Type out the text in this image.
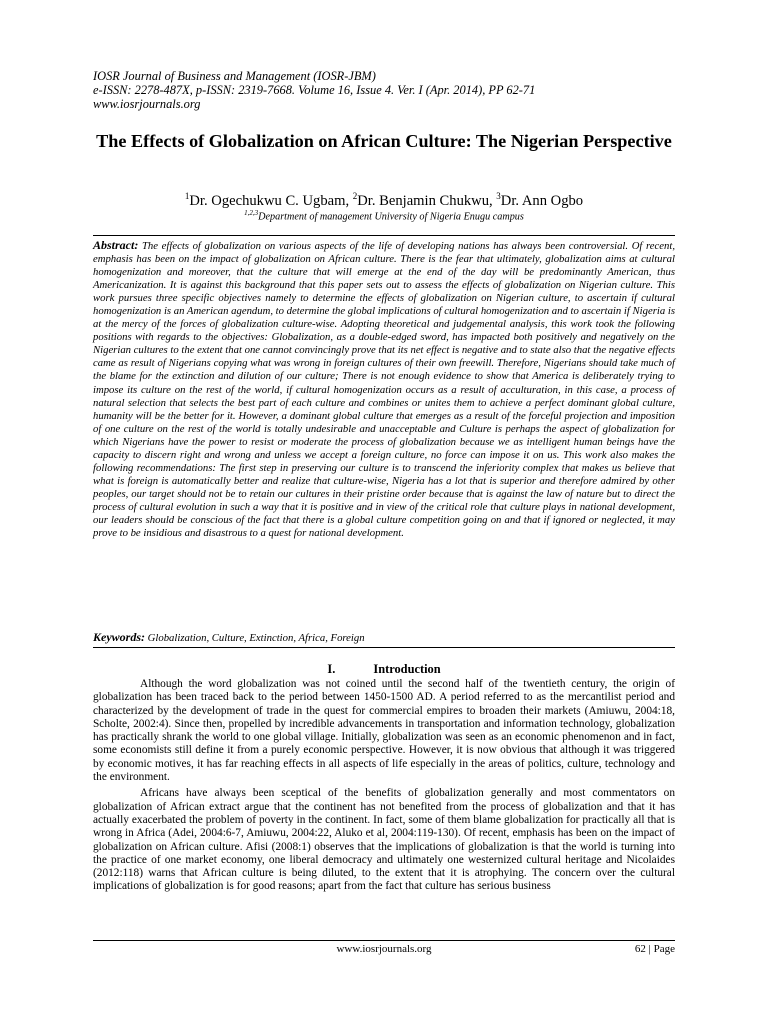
IOSR Journal of Business and Management (IOSR-JBM)
e-ISSN: 2278-487X, p-ISSN: 2319-7668. Volume 16, Issue 4. Ver. I (Apr. 2014), PP 62-71
www.iosrjournals.org
The Effects of Globalization on African Culture: The Nigerian Perspective
$^1$Dr. Ogechukwu C. Ugbam, $^2$Dr. Benjamin Chukwu, $^3$Dr. Ann Ogbo
$^{1,2,3}$Department of management University of Nigeria Enugu campus
Abstract: The effects of globalization on various aspects of the life of developing nations has always been controversial. Of recent, emphasis has been on the impact of globalization on African culture. There is the fear that ultimately, globalization aims at cultural homogenization and moreover, that the culture that will emerge at the end of the day will be predominantly American, thus Americanization. It is against this background that this paper sets out to assess the effects of globalization on Nigerian culture. This work pursues three specific objectives namely to determine the effects of globalization on Nigerian culture, to ascertain if cultural homogenization is an American agendum, to determine the global implications of cultural homogenization and to ascertain if Nigeria is at the mercy of the forces of globalization culture-wise. Adopting theoretical and judgemental analysis, this work took the following positions with regards to the objectives: Globalization, as a double-edged sword, has impacted both positively and negatively on the Nigerian cultures to the extent that one cannot convincingly prove that its net effect is negative and to state also that the negative effects came as result of Nigerians copying what was wrong in foreign cultures of their own freewill. Therefore, Nigerians should take much of the blame for the extinction and dilution of our culture; There is not enough evidence to show that America is deliberately trying to impose its culture on the rest of the world, if cultural homogenization occurs as a result of acculturation, in this case, a process of natural selection that selects the best part of each culture and combines or unites them to achieve a perfect dominant global culture, humanity will be the better for it. However, a dominant global culture that emerges as a result of the forceful projection and imposition of one culture on the rest of the world is totally undesirable and unacceptable and Culture is perhaps the aspect of globalization for which Nigerians have the power to resist or moderate the process of globalization because we as intelligent human beings have the capacity to discern right and wrong and unless we accept a foreign culture, no force can impose it on us. This work also makes the following recommendations: The first step in preserving our culture is to transcend the inferiority complex that makes us believe that what is foreign is automatically better and realize that culture-wise, Nigeria has a lot that is superior and therefore admired by other peoples, our target should not be to retain our cultures in their pristine order because that is against the law of nature but to direct the process of cultural evolution in such a way that it is positive and in view of the critical role that culture plays in national development, our leaders should be conscious of the fact that there is a global culture competition going on and that if ignored or neglected, it may prove to be insidious and disastrous to a quest for national development.
Keywords: Globalization, Culture, Extinction, Africa, Foreign
I.	Introduction

Although the word globalization was not coined until the second half of the twentieth century, the origin of globalization has been traced back to the period between 1450-1500 AD. A period referred to as the mercantilist period and characterized by the development of trade in the quest for commercial empires to broaden their markets (Amiuwu, 2004:18, Scholte, 2002:4). Since then, propelled by incredible advancements in transportation and information technology, globalization has practically shrank the world to one global village. Initially, globalization was seen as an economic phenomenon and in fact, some economists still define it from a purely economic perspective. However, it is now obvious that although it was triggered by economic motives, it has far reaching effects in all aspects of life especially in the areas of politics, culture, technology and the environment.

Africans have always been sceptical of the benefits of globalization generally and most commentators on globalization of African extract argue that the continent has not benefited from the process of globalization and that it has actually exacerbated the problem of poverty in the continent. In fact, some of them blame globalization for practically all that is wrong in Africa (Adei, 2004:6-7, Amiuwu, 2004:22, Aluko et al, 2004:119-130). Of recent, emphasis has been on the impact of globalization on African culture. Afisi (2008:1) observes that the implications of globalization is that the world is turning into the practice of one market economy, one liberal democracy and ultimately one westernized cultural heritage and Nicolaides (2012:118) warns that African culture is being diluted, to the extent that it is atrophying. The concern over the cultural implications of globalization is for good reasons; apart from the fact that culture has serious business

www.iosrjournals.org	62 | Page
